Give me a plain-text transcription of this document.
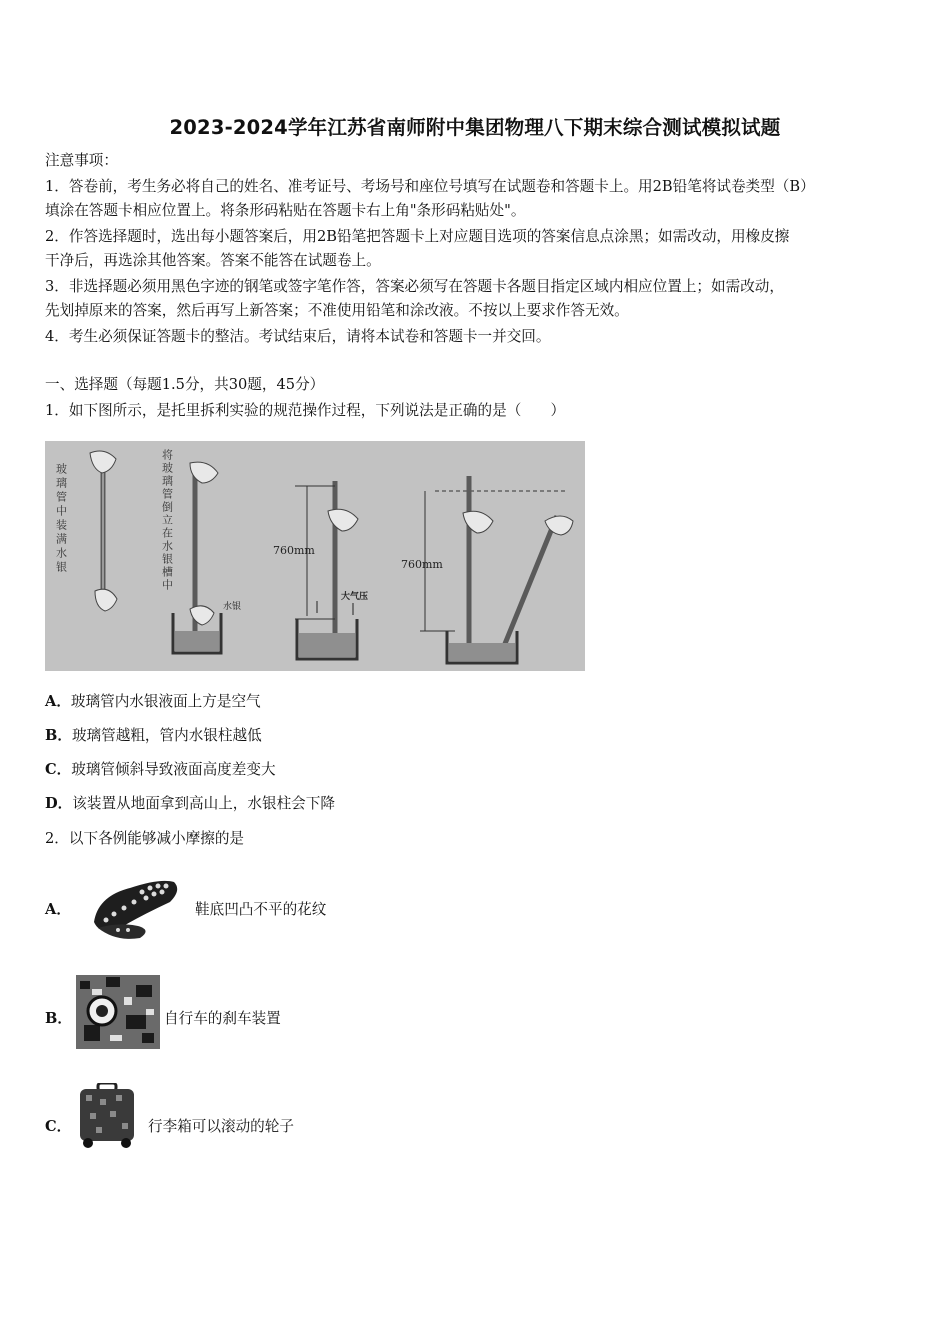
2023-2024学年江苏省南师附中集团物理八下期末综合测试模拟试题
注意事项：
1．答卷前，考生务必将自己的姓名、准考证号、考场号和座位号填写在试题卷和答题卡上。用2B铅笔将试卷类型（B）
填涂在答题卡相应位置上。将条形码粘贴在答题卡右上角"条形码粘贴处"。
2．作答选择题时，选出每小题答案后，用2B铅笔把答题卡上对应题目选项的答案信息点涂黑；如需改动，用橡皮擦
干净后，再选涂其他答案。答案不能答在试题卷上。
3．非选择题必须用黑色字迹的钢笔或签字笔作答，答案必须写在答题卡各题目指定区域内相应位置上；如需改动，
先划掉原来的答案，然后再写上新答案；不准使用铅笔和涂改液。不按以上要求作答无效。
4．考生必须保证答题卡的整洁。考试结束后，请将本试卷和答题卡一并交回。
一、选择题（每题1.5分，共30题，45分）
1．如下图所示，是托里拆利实验的规范操作过程，下列说法是正确的是（　　）
玻璃管中装满水银	将玻璃管倒立在水银槽中
水银
760mm
大气压
760mm
A．玻璃管内水银液面上方是空气
B．玻璃管越粗，管内水银柱越低
C．玻璃管倾斜导致液面高度差变大
D．该装置从地面拿到高山上，水银柱会下降
2．以下各例能够减小摩擦的是
A．	鞋底凹凸不平的花纹
B．	自行车的刹车装置
C．	行李箱可以滚动的轮子
